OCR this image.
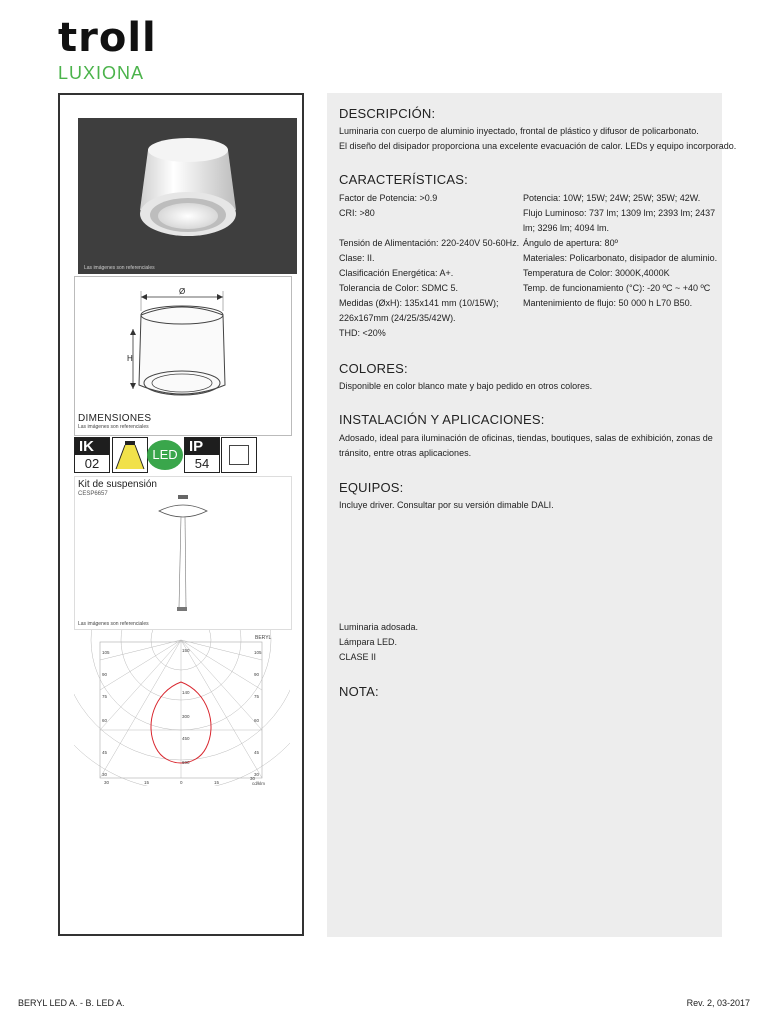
troll
LUXIONA
Las imágenes son referenciales
Ø
H
DIMENSIONES
Las imágenes son referenciales
IK
02
LED IP
54
Kit de suspensión
CESP6657
Las imágenes son referenciales
BERYL
105
90
75
60
45
30
105
90
75
60
45
30
150
140
300
450
600
30	15	0	15
30
cd/klm
DESCRIPCIÓN:
Luminaria con cuerpo de aluminio inyectado, frontal de plástico y difusor de policarbonato.
El diseño del disipador proporciona una excelente evacuación de calor. LEDs y equipo incorporado.
CARACTERÍSTICAS:
Factor de Potencia: >0.9
CRI: >80
Tensión de Alimentación: 220-240V 50-60Hz.
Clase: II.
Clasificación Energética: A+.
Tolerancia de Color: SDMC 5.
Medidas (ØxH): 135x141 mm (10/15W);
226x167mm (24/25/35/42W).
THD: <20%
Potencia: 10W; 15W; 24W; 25W; 35W; 42W.
Flujo Luminoso: 737 lm; 1309 lm; 2393 lm; 2437
lm; 3296 lm; 4094 lm.
Ángulo de apertura: 80º
Materiales: Policarbonato, disipador de aluminio.
Temperatura de Color: 3000K,4000K
Temp. de funcionamiento (°C): -20 ºC ~ +40 ºC
Mantenimiento de flujo: 50 000 h L70 B50.
COLORES:
Disponible en color blanco mate y bajo pedido en otros colores.
INSTALACIÓN Y APLICACIONES:
Adosado, ideal para iluminación de oficinas, tiendas, boutiques, salas de exhibición, zonas de
tránsito, entre otras aplicaciones.
EQUIPOS:
Incluye driver. Consultar por su versión dimable DALI.
Luminaria adosada.
Lámpara LED.
CLASE II
NOTA:
BERYL LED A. - B. LED A.	Rev. 2, 03-2017
